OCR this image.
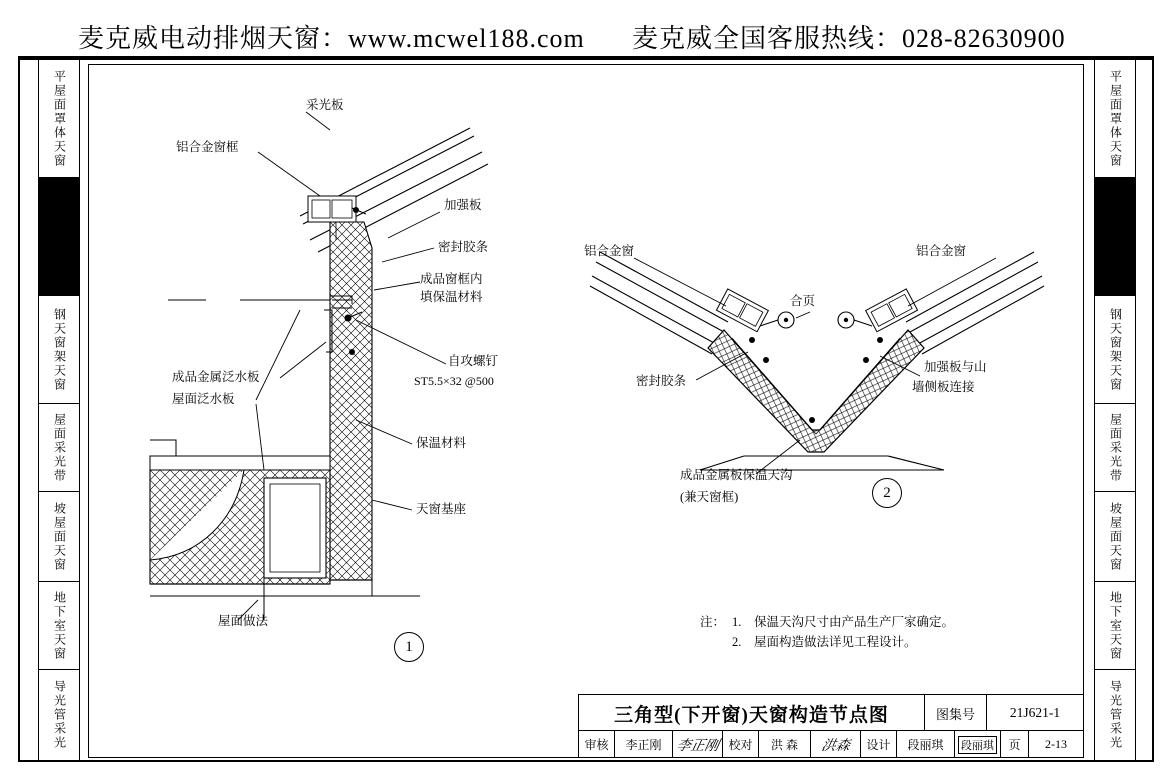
麦克威电动排烟天窗：www.mcwel188.com 麦克威全国客服热线：028-82630900
平屋面罩体天窗
钢天窗架天窗
屋面采光带
坡屋面天窗
地下室天窗
导光管采光
平屋面罩体天窗
钢天窗架天窗
屋面采光带
坡屋面天窗
地下室天窗
导光管采光
采光板
铝合金窗框
加强板
密封胶条
成品窗框内
填保温材料
自攻螺钉
ST5.5×32 @500
成品金属泛水板
屋面泛水板
保温材料
天窗基座
屋面做法
1
铝合金窗	铝合金窗
合页
密封胶条
加强板与山
墙侧板连接
成品金属板保温天沟
(兼天窗框)	2
注： 1.	保温天沟尺寸由产品生产厂家确定。
2.	屋面构造做法详见工程设计。
三角型(下开窗)天窗构造节点图	图集号	21J621-1
审核	李正刚 李正刚 校对	洪 森	洪森	设计	段丽琪	段丽琪	页	2-13
